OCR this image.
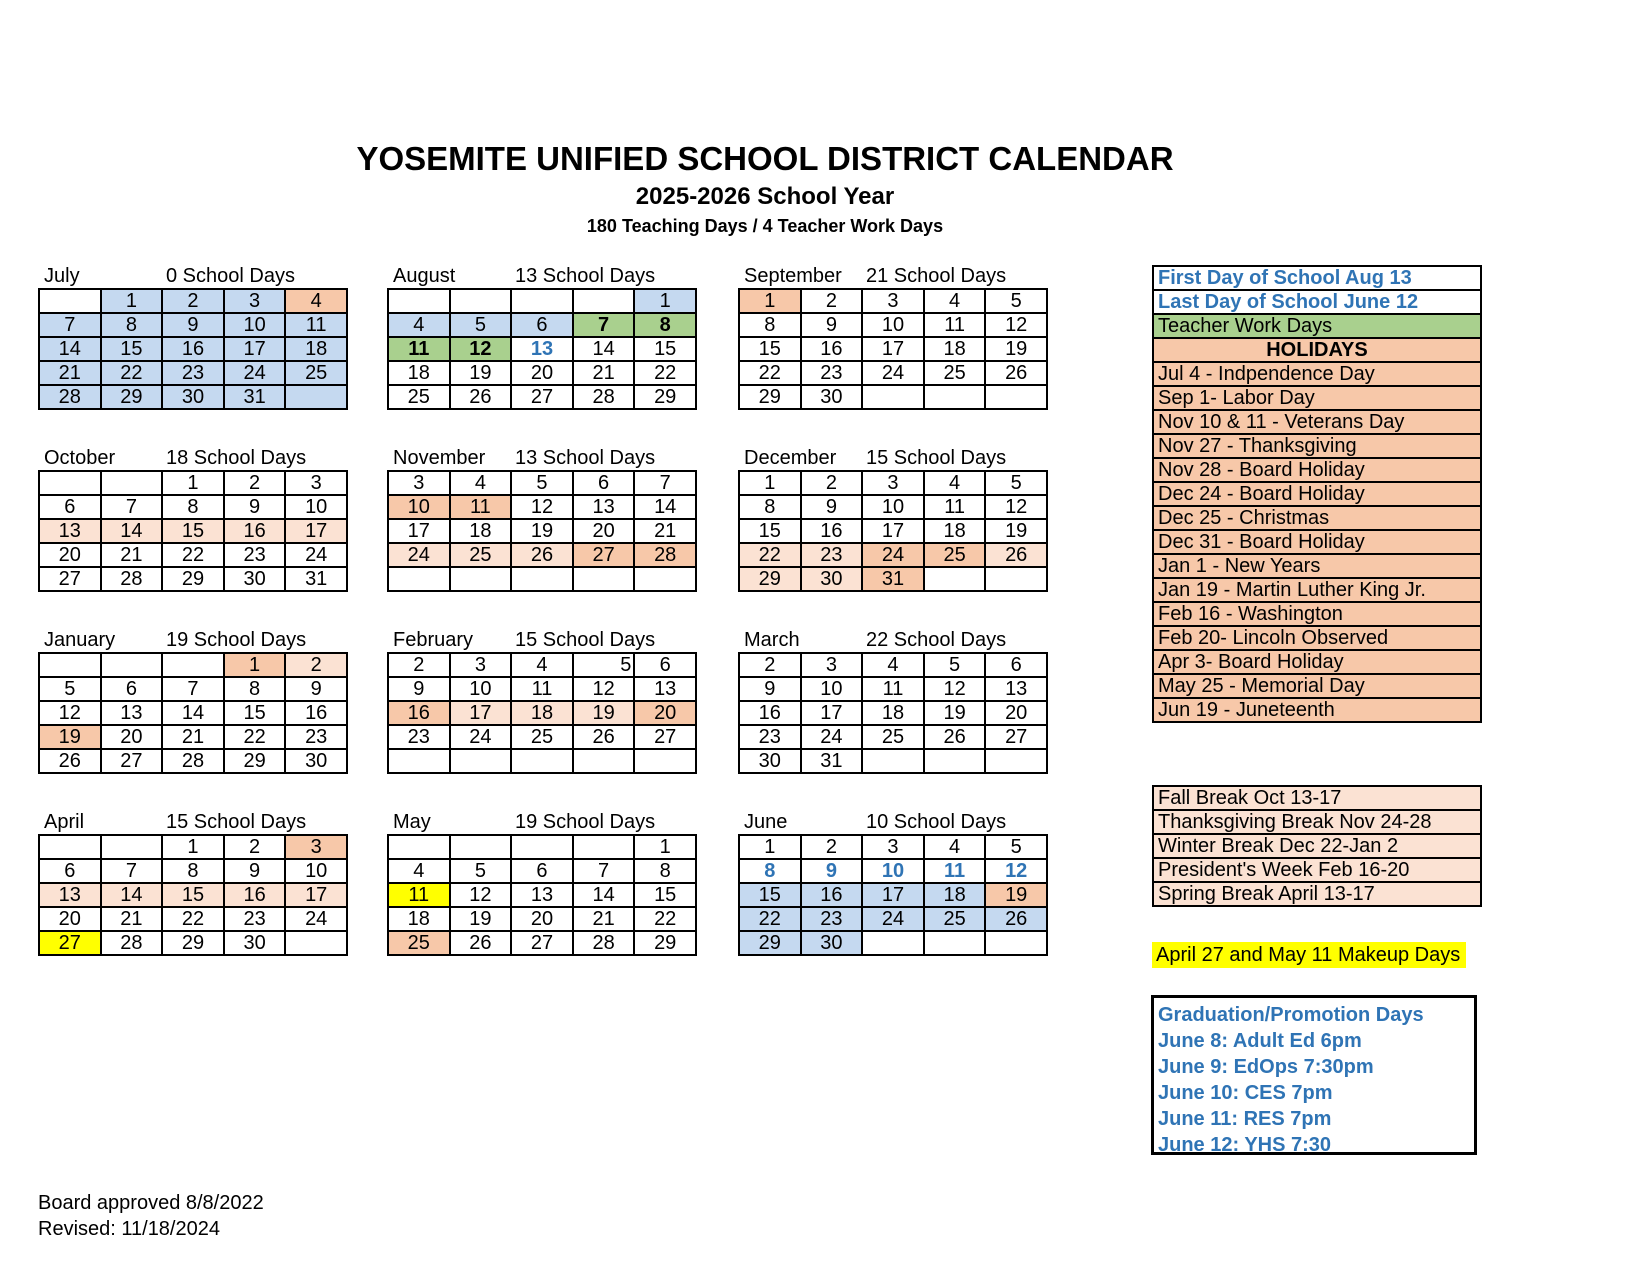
YOSEMITE UNIFIED SCHOOL DISTRICT CALENDAR
2025-2026 School Year
180 Teaching Days / 4 Teacher Work Days
July	0 School Days
	1	2	3	4
7	8	9	10	11
14	15	16	17	18
21	22	23	24	25
28	29	30	31	
August	13 School Days
				1
4	5	6	7	8
11	12	13	14	15
18	19	20	21	22
25	26	27	28	29
September 21 School Days
1	2	3	4	5
8	9	10	11	12
15	16	17	18	19
22	23	24	25	26
29	30			
October	18 School Days
		1	2	3
6	7	8	9	10
13	14	15	16	17
20	21	22	23	24
27	28	29	30	31
November 13 School Days
3	4	5	6	7
10	11	12	13	14
17	18	19	20	21
24	25	26	27	28

December 15 School Days
1	2	3	4	5
8	9	10	11	12
15	16	17	18	19
22	23	24	25	26
29	30	31		
January	19 School Days
			1	2
5	6	7	8	9
12	13	14	15	16
19	20	21	22	23
26	27	28	29	30
February 15 School Days
2	3	4	5	6
9	10	11	12	13
16	17	18	19	20
23	24	25	26	27

March	22 School Days
2	3	4	5	6
9	10	11	12	13
16	17	18	19	20
23	24	25	26	27
30	31			
April	15 School Days
		1	2	3
6	7	8	9	10
13	14	15	16	17
20	21	22	23	24
27	28	29	30	
May	19 School Days
				1
4	5	6	7	8
11	12	13	14	15
18	19	20	21	22
25	26	27	28	29
June	10 School Days
1	2	3	4	5
8	9	10	11	12
15	16	17	18	19
22	23	24	25	26
29	30			
First Day of School Aug 13
Last Day of School June 12
Teacher Work Days
HOLIDAYS
Jul 4 - Indpendence Day
Sep 1- Labor Day
Nov 10 & 11 - Veterans Day
Nov 27 - Thanksgiving
Nov 28 - Board Holiday
Dec 24 - Board Holiday
Dec 25 - Christmas
Dec 31 - Board Holiday
Jan 1 - New Years
Jan 19 - Martin Luther King Jr.
Feb 16 - Washington
Feb 20- Lincoln Observed
Apr 3- Board Holiday
May 25 - Memorial Day
Jun 19 - Juneteenth
Fall Break Oct 13-17
Thanksgiving Break Nov 24-28
Winter Break Dec 22-Jan 2
President's Week Feb 16-20
Spring Break April 13-17
April 27 and May 11 Makeup Days
Graduation/Promotion Days
June 8: Adult Ed 6pm
June 9: EdOps 7:30pm
June 10: CES 7pm
June 11: RES 7pm
June 12: YHS 7:30
Board approved 8/8/2022
Revised: 11/18/2024
